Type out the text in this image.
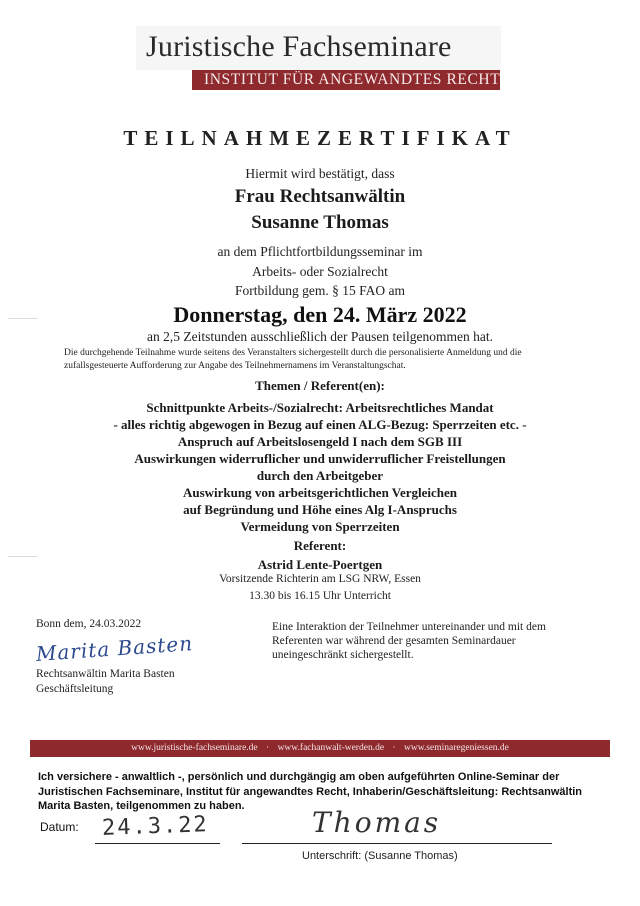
Juristische Fachseminare
INSTITUT FÜR ANGEWANDTES RECHT
TEILNAHMEZERTIFIKAT
Hiermit wird bestätigt, dass
Frau Rechtsanwältin
Susanne Thomas
an dem Pflichtfortbildungsseminar im
Arbeits- oder Sozialrecht
Fortbildung gem. § 15 FAO am
Donnerstag, den 24. März 2022
an 2,5 Zeitstunden ausschließlich der Pausen teilgenommen hat.
Die durchgehende Teilnahme wurde seitens des Veranstalters sichergestellt durch die personalisierte Anmeldung und die zufallsgesteuerte Aufforderung zur Angabe des Teilnehmernamens im Veranstaltungschat.
Themen / Referent(en):
Schnittpunkte Arbeits-/Sozialrecht: Arbeitsrechtliches Mandat
- alles richtig abgewogen in Bezug auf einen ALG-Bezug: Sperrzeiten etc. -
Anspruch auf Arbeitslosengeld I nach dem SGB III
Auswirkungen widerruflicher und unwiderruflicher Freistellungen
durch den Arbeitgeber
Auswirkung von arbeitsgerichtlichen Vergleichen
auf Begründung und Höhe eines Alg I-Anspruchs
Vermeidung von Sperrzeiten
Referent:
Astrid Lente-Poertgen
Vorsitzende Richterin am LSG NRW, Essen
13.30 bis 16.15 Uhr Unterricht
Bonn dem, 24.03.2022
Marita Basten
Rechtsanwältin Marita Basten
Geschäftsleitung
Eine Interaktion der Teilnehmer untereinander und mit dem Referenten war während der gesamten Seminardauer uneingeschränkt sichergestellt.
www.juristische-fachseminare.de · www.fachanwalt-werden.de · www.seminaregeniessen.de
Ich versichere - anwaltlich -, persönlich und durchgängig am oben aufgeführten Online-Seminar der Juristischen Fachseminare, Institut für angewandtes Recht, Inhaberin/Geschäftsleitung: Rechtsanwältin Marita Basten, teilgenommen zu haben.
Datum: 24.3.22	Thomas
Unterschrift: (Susanne Thomas)
